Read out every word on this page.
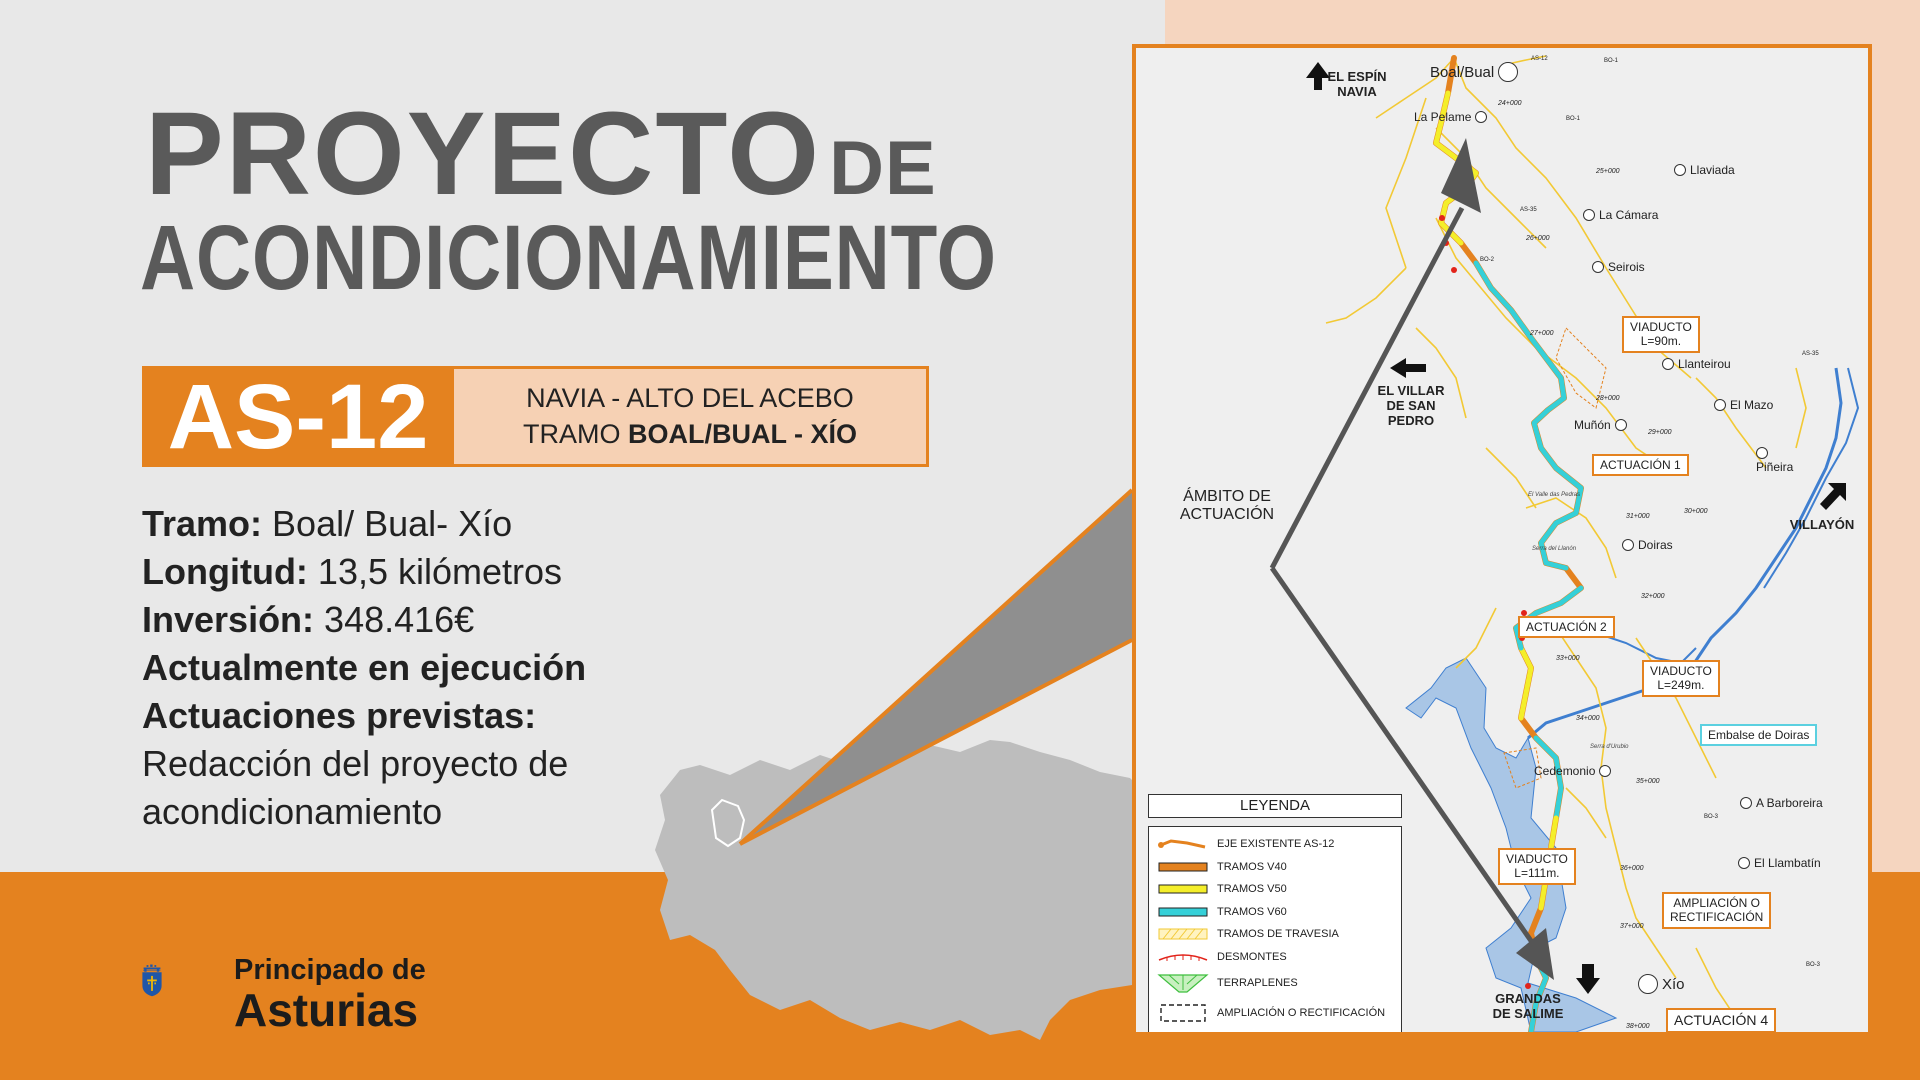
PROYECTO DE
ACONDICIONAMIENTO
AS-12	NAVIA - ALTO DEL ACEBO
TRAMO BOAL/BUAL - XÍO
Tramo: Boal/ Bual- Xío
Longitud: 13,5 kilómetros
Inversión: 348.416€
Actualmente en ejecución
Actuaciones previstas:
Redacción del proyecto de
acondicionamiento
Principado de
Asturias
24+000
25+000
26+000
27+000
28+000
29+000
30+000
31+000
32+000
33+000
34+000
35+000
36+000
37+000
38+000
AS-12	BO-1
BO-1
AS-35
BO-2
AS-35
BO-3
BO-3
El Valle das Pedras
Serra del Llanón
Serra d'Urubio
EL ESPÍN
NAVIA
EL VILLAR
DE SAN
PEDRO
VILLAYÓN
GRANDAS
DE SALIME
ÁMBITO DE
ACTUACIÓN
Boal/Bual
La Pelame
Llaviada
La Cámara
Seirois
Llanteirou
El Mazo
Muñón
Piñeira
Doiras
Cedemonio
A Barboreira
El Llambatín
Xío
VIADUCTO
L=90m.
ACTUACIÓN 1
ACTUACIÓN 2
VIADUCTO
L=249m.
Embalse de Doiras
VIADUCTO
L=111m.
AMPLIACIÓN O
RECTIFICACIÓN
ACTUACIÓN 4
LEYENDA
EJE EXISTENTE AS-12
TRAMOS V40
TRAMOS V50
TRAMOS V60
TRAMOS DE TRAVESIA
DESMONTES
TERRAPLENES
AMPLIACIÓN O RECTIFICACIÓN
